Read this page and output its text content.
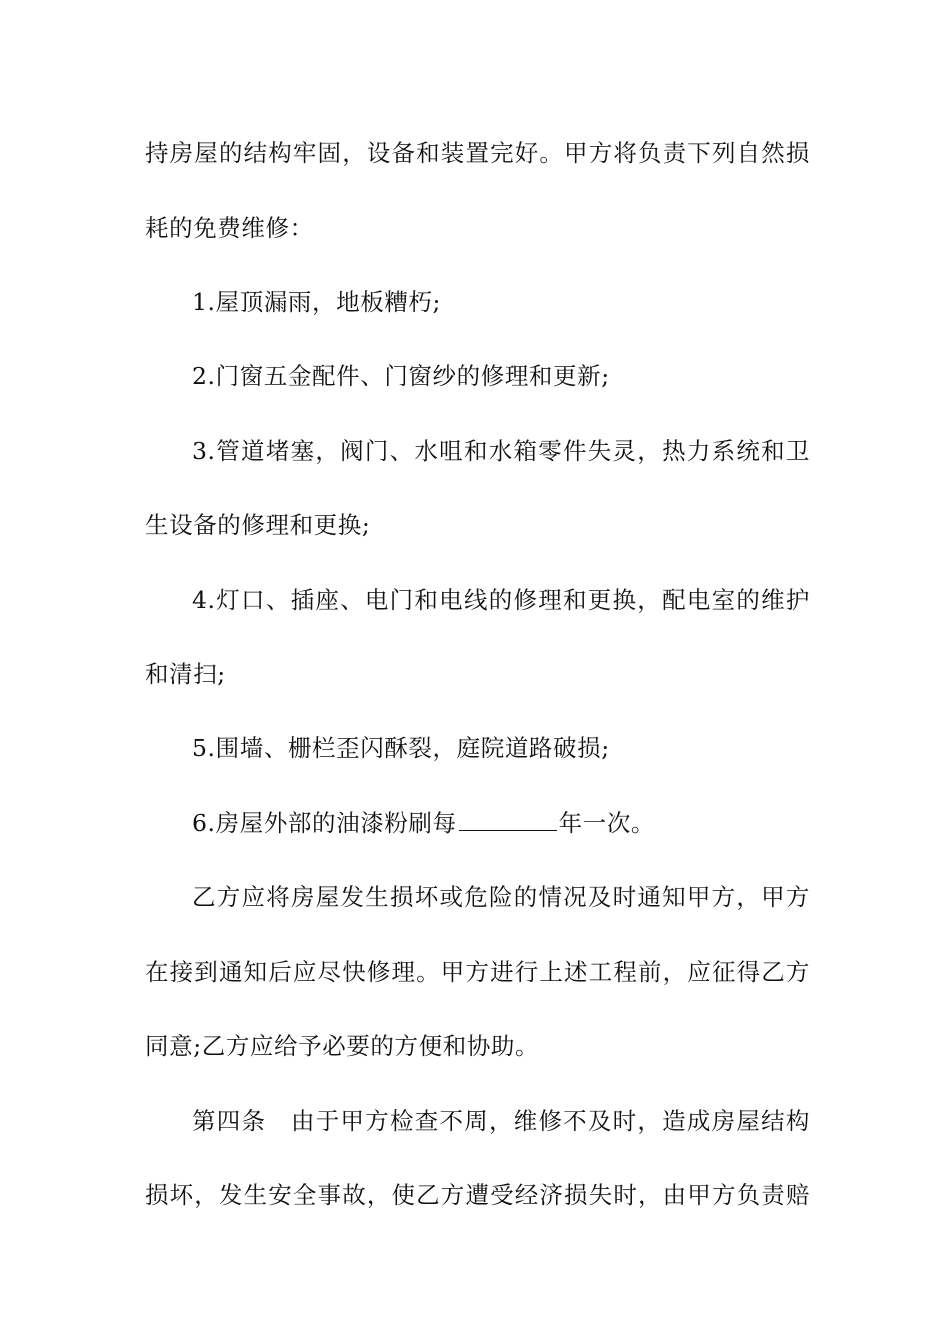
持房屋的结构牢固，设备和装置完好。甲方将负责下列自然损
耗的免费维修：
1.屋顶漏雨，地板糟朽;
2.门窗五金配件、门窗纱的修理和更新;
3.管道堵塞，阀门、水咀和水箱零件失灵，热力系统和卫
生设备的修理和更换;
4.灯口、插座、电门和电线的修理和更换，配电室的维护
和清扫;
5.围墙、栅栏歪闪酥裂，庭院道路破损;
6.房屋外部的油漆粉刷每	年一次。
乙方应将房屋发生损坏或危险的情况及时通知甲方，甲方
在接到通知后应尽快修理。甲方进行上述工程前，应征得乙方
同意;乙方应给予必要的方便和协助。
第四条　由于甲方检查不周，维修不及时，造成房屋结构
损坏，发生安全事故，使乙方遭受经济损失时，由甲方负责赔
